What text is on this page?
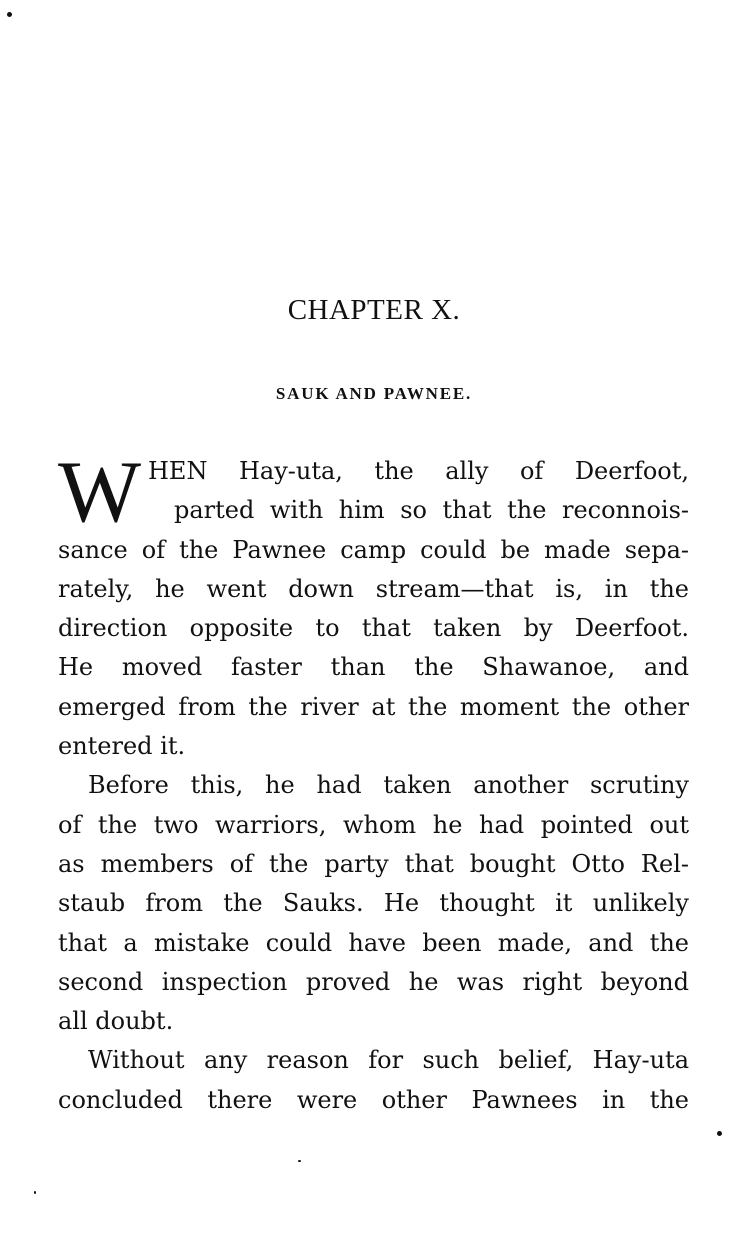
CHAPTER X.
SAUK AND PAWNEE.

W HEN Hay-uta, the ally of Deerfoot,
parted with him so that the reconnois-
sance of the Pawnee camp could be made sepa-
rately, he went down stream—that is, in the
direction opposite to that taken by Deerfoot.
He moved faster than the Shawanoe, and
emerged from the river at the moment the other
entered it.

Before this, he had taken another scrutiny
of the two warriors, whom he had pointed out
as members of the party that bought Otto Rel-
staub from the Sauks. He thought it unlikely
that a mistake could have been made, and the
second inspection proved he was right beyond
all doubt.

Without any reason for such belief, Hay-uta
concluded there were other Pawnees in the
